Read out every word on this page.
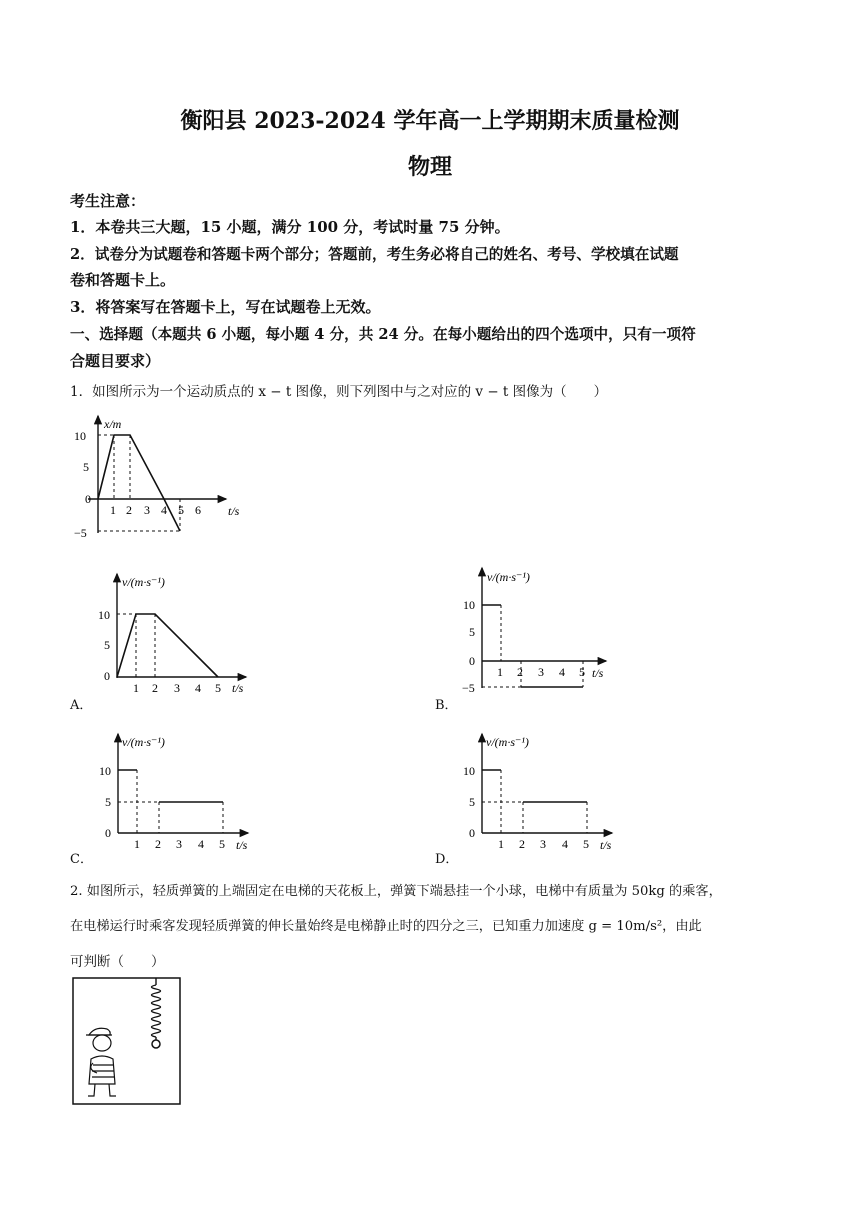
衡阳县 2023-2024 学年高一上学期期末质量检测
物理
考生注意：
1．本卷共三大题，15 小题，满分 100 分，考试时量 75 分钟。
2．试卷分为试题卷和答题卡两个部分；答题前，考生务必将自己的姓名、考号、学校填在试题
卷和答题卡上。
3．将答案写在答题卡上，写在试题卷上无效。
一、选择题（本题共 6 小题，每小题 4 分，共 24 分。在每小题给出的四个选项中，只有一项符
合题目要求）
1．如图所示为一个运动质点的 x − t 图像，则下列图中与之对应的 v − t 图像为（　　）
x/m
t/s
10
5
0
−5
1 2 3 4 5 6
v/(m·s⁻¹)
t/s
10
5
0
1 2 3 4 5
A．
v/(m·s⁻¹)
t/s
10
5
0
−5
1 2 3 4 5
B．
v/(m·s⁻¹)
t/s
10
5
0
1 2 3 4 5
C．
v/(m·s⁻¹)
t/s
10
5
0
1 2 3 4 5
D．
2. 如图所示，轻质弹簧的上端固定在电梯的天花板上，弹簧下端悬挂一个小球，电梯中有质量为 50kg 的乘客，
在电梯运行时乘客发现轻质弹簧的伸长量始终是电梯静止时的四分之三，已知重力加速度 g = 10m/s²，由此
可判断（　　）
